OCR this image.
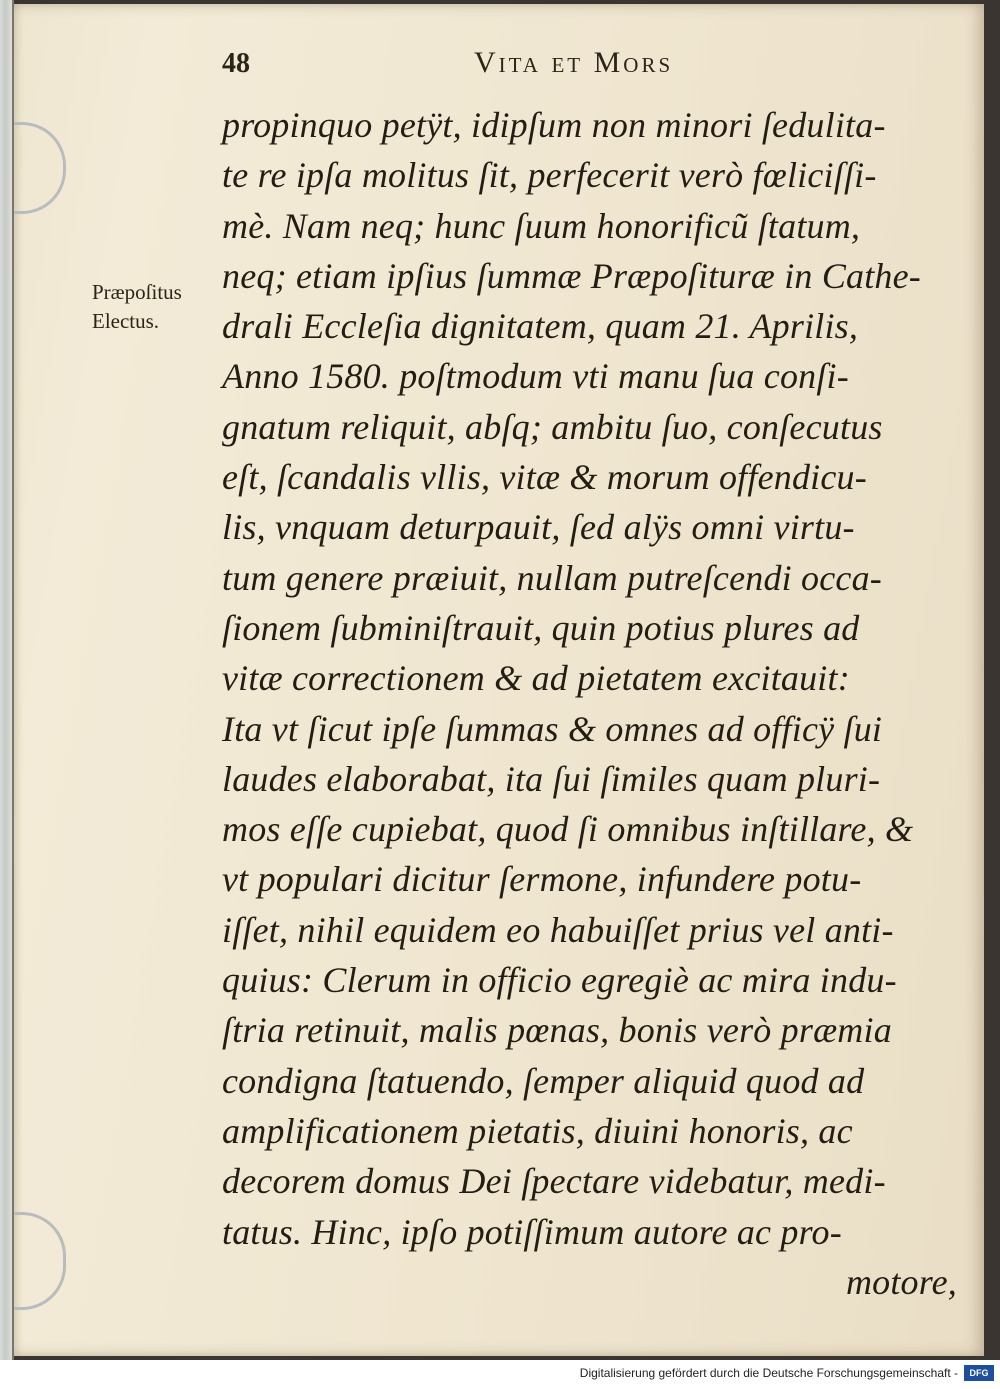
48	Vita et Mors
Præpoſitus
Electus.
propinquo petÿt, idipſum non minori ſedulita-
te re ipſa molitus ſit, perfecerit verò fœliciſſi-
mè. Nam neq; hunc ſuum honorificũ ſtatum,
neq; etiam ipſius ſummæ Præpoſituræ in Cathe-
drali Eccleſia dignitatem, quam 21. Aprilis,
Anno 1580. poſtmodum vti manu ſua conſi-
gnatum reliquit, abſq; ambitu ſuo, conſecutus
eſt, ſcandalis vllis, vitæ & morum offendicu-
lis, vnquam deturpauit, ſed alÿs omni virtu-
tum genere præiuit, nullam putreſcendi occa-
ſionem ſubminiſtrauit, quin potius plures ad
vitæ correctionem & ad pietatem excitauit:
Ita vt ſicut ipſe ſummas & omnes ad officÿ ſui
laudes elaborabat, ita ſui ſimiles quam pluri-
mos eſſe cupiebat, quod ſi omnibus inſtillare, &
vt populari dicitur ſermone, infundere potu-
iſſet, nihil equidem eo habuiſſet prius vel anti-
quius: Clerum in officio egregiè ac mira indu-
ſtria retinuit, malis pœnas, bonis verò præmia
condigna ſtatuendo, ſemper aliquid quod ad
amplificationem pietatis, diuini honoris, ac
decorem domus Dei ſpectare videbatur, medi-
tatus. Hinc, ipſo potiſſimum autore ac pro-
motore,
Digitalisierung gefördert durch die Deutsche Forschungsgemeinschaft -	DFG
